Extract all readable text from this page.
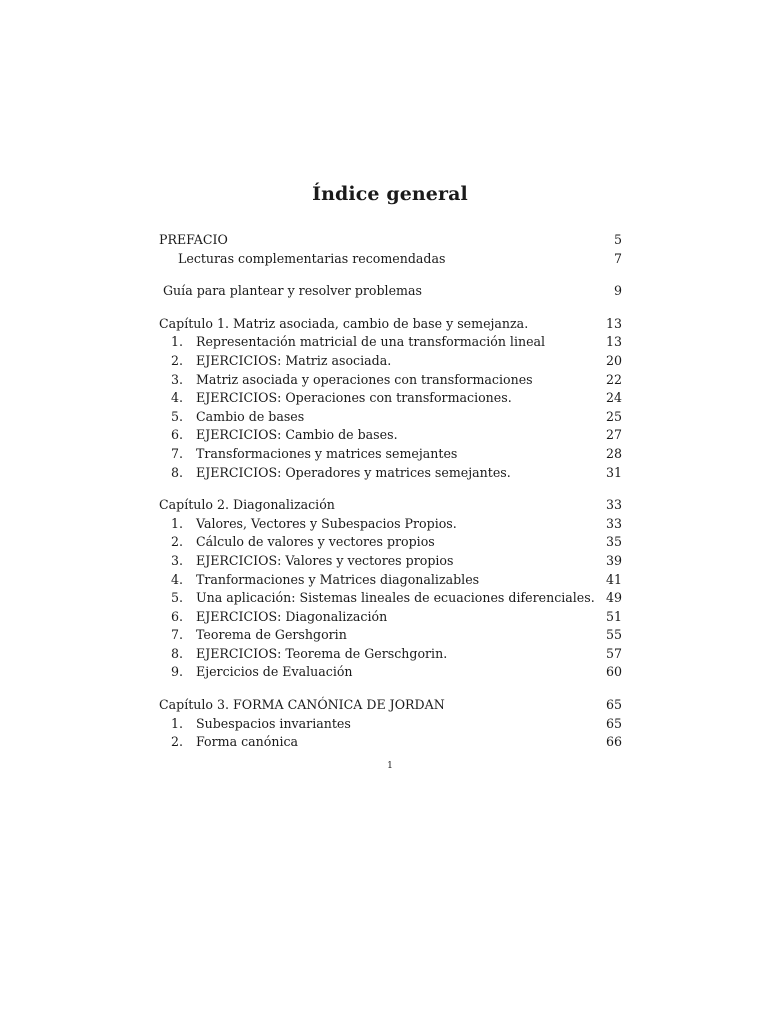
Índice general
PREFACIO	5
Lecturas complementarias recomendadas	7
Guía para plantear y resolver problemas	9
Capítulo 1. Matriz asociada, cambio de base y semejanza.	13
1. Representación matricial de una transformación lineal	13
2. EJERCICIOS: Matriz asociada.	20
3. Matriz asociada y operaciones con transformaciones	22
4. EJERCICIOS: Operaciones con transformaciones.	24
5. Cambio de bases	25
6. EJERCICIOS: Cambio de bases.	27
7. Transformaciones y matrices semejantes	28
8. EJERCICIOS: Operadores y matrices semejantes.	31
Capítulo 2. Diagonalización	33
1. Valores, Vectores y Subespacios Propios.	33
2. Cálculo de valores y vectores propios	35
3. EJERCICIOS: Valores y vectores propios	39
4. Tranformaciones y Matrices diagonalizables	41
5. Una aplicación: Sistemas lineales de ecuaciones diferenciales. 49
6. EJERCICIOS: Diagonalización	51
7. Teorema de Gershgorin	55
8. EJERCICIOS: Teorema de Gerschgorin.	57
9. Ejercicios de Evaluación	60
Capítulo 3. FORMA CANÓNICA DE JORDAN	65
1. Subespacios invariantes	65
2. Forma canónica	66
1
